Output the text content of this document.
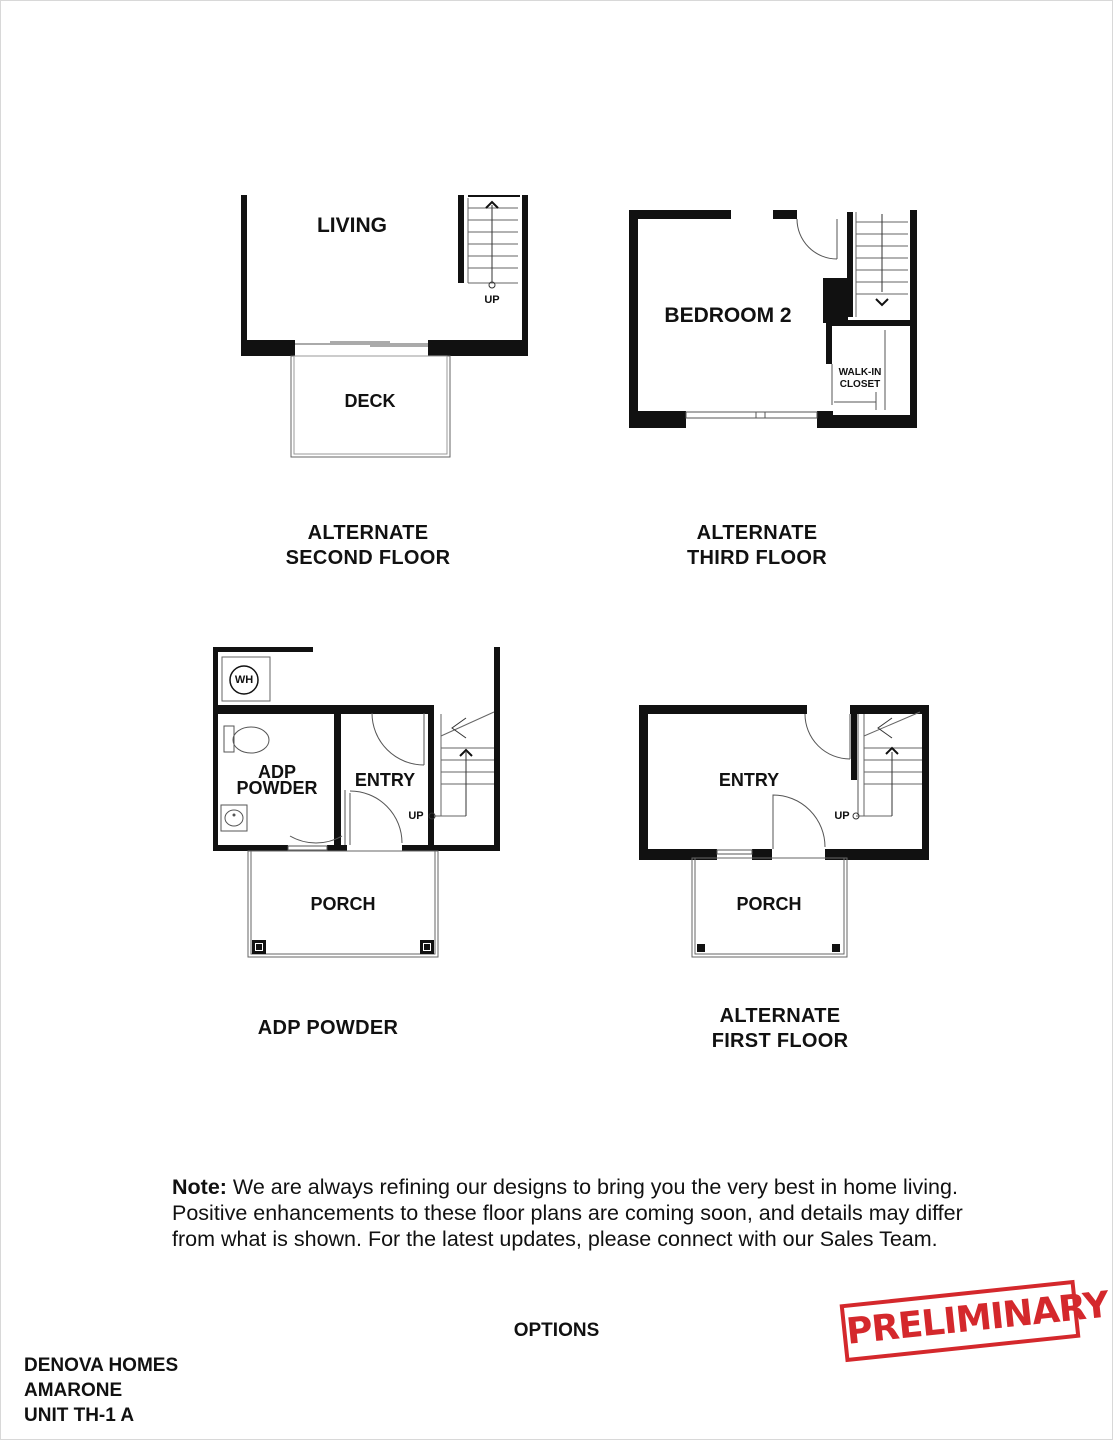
LIVING
DECK
UP
BEDROOM 2
WALK-IN
CLOSET
WH
ADP
POWDER	ENTRY
UP
PORCH
ENTRY
UP
PORCH
ALTERNATE
SECOND FLOOR
ALTERNATE
THIRD FLOOR
ADP POWDER
ALTERNATE
FIRST FLOOR
Note: We are always refining our designs to bring you the very best in home living. Positive enhancements to these floor plans are coming soon, and details may differ from what is shown. For the latest updates, please connect with our Sales Team.
OPTIONS
DENOVA HOMES
AMARONE
UNIT TH-1 A
PRELIMINARY
